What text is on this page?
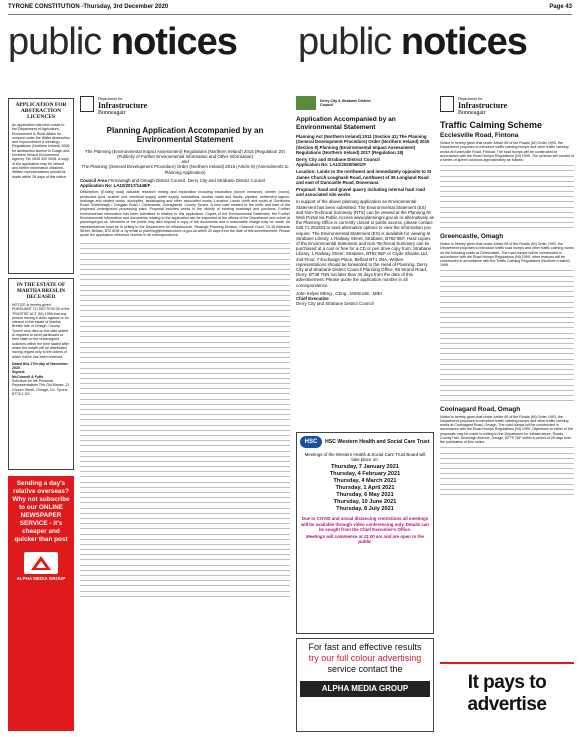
TYRONE CONSTITUTION -Thursday, 3rd December 2020	Page 43
public notices	public notices
APPLICATION FOR ABSTRACTION LICENCES
An application has been made to the Department of Agriculture, Environment & Rural Affairs for consent under the Water Abstraction and Impoundment (Licensing) Regulations (Northern Ireland) 2006 for abstraction licence in Coagh and Northern Ireland Environment Agency. Tel: 0845 302 0008. A copy of the application may be viewed and further information obtained. Written representations should be made within 28 days of this notice.
IN THE ESTATE OF MARTHA BRESLIN DECEASED
NOTICE is hereby given PURSUANT TO SECTION 28 of the TRUSTEE ACT (NI) 1958 that any person having a claim against or an interest in the estate of Martha Breslin late of Omagh, County Tyrone who died on the date stated is required to send particulars of their claim to the undersigned solicitors within the time stated after which the estate will be distributed having regard only to the claims of which notice has been received.
Dated this 27th day of November 2020
Signed:
McConnell & Fyffe
Solicitors for the Personal Representatives The Old Manse, 21 Church Street, Omagh, Co. Tyrone, BT78 1 DG
Sending a day's relative overseas? Why not subscribe to our ONLINE NEWSPAPER SERVICE - it's cheaper and quicker than post
ALPHA MEDIA GROUP
Department for
Infrastructure
Bonneagair
Planning Application Accompanied by an Environmental Statement
The Planning (Environmental Impact Assessment) Regulations (Northern Ireland) 2015 (Regulation 20)
(Publicity of Further Environmental Information and Other Information)
and
The Planning (General Development Procedure) Order (Northern Ireland) 2015 (Article 8) (Amendments to Planning Application)
Council Area Fermanagh and Omagh District Council, Derry City and Strabane District Council
Application No: LA10/2017/1448/F
Description: (Ending road) valuable research mining and exploration including excavation (tunnel entrance), shelter (room), productive gold, crusher unit, electrical supply, water supply, substations, access roads and tracks, pipeline, settlement lagoon, drainage and related works, stockpiles, landscaping and other associated works. Location: Lands north and south of Gortinclea Road, Sheskinagh / Creggan Road / Cavanacaw, Curraghinalt, County Tyrone. A new road created to the north and east of the proposed underground processing plant. Proposal includes works in the vicinity of existing roadways and junctions. Further environmental information has been submitted in relation to this application. Copies of the Environmental Statement, the Further Environmental Information and documents relating to the application can be inspected at the offices of the Department and online at planningni.gov.uk. Members of the public may also request a copy of the documents and a reasonable charge may be made. All representations must be in writing to the Department for Infrastructure, Strategic Planning Division, Clarence Court, 10-18 Adelaide Street, Belfast, BT2 8GB or by email to planning@infrastructure-ni.gov.uk within 30 days from the date of this advertisement. Please quote the application reference number in all correspondence.
Derry City & Strabane District Council
Application Accompanied by an Environmental Statement
Planning Act (Northern Ireland) 2011 (Section 41) The Planning (General Development Procedure) Order (Northern Ireland) 2015 (Section 8) Planning (Environmental Impact Assessment) Regulations (Northern Ireland) 2017 (Regulation 18)
Derry City and Strabane District Council
Application No: LA11/2020/0601/F
Location: Lands to the northwest and immediately opposite to St James Church Loughash Road, northwest of 36 Longland Road and east of Duncastle Road, Donemana
Proposal: Sand and gravel quarry including internal haul road and associated site works
In support of the above planning application an Environmental Statement has been submitted. The Environmental Statement (ES) and Non-Technical Summary (NTS) can be viewed at the Planning NI Web Portal via Public Access www.planningni.gov.uk or alternatively as the Planning Office is currently closed to public access, please contact 028 71 253253 to seek alternative options to view the information you require. The Environmental Statement (ES) is available for viewing at Strabane Library, 1 Railway Street, Strabane, BT82 8EF. Hard copies of the Environmental Statement and Non-Technical Summary can be purchased at a cost or free for a CD or pen drive copy from: Strabane Library, 1 Railway Street, Strabane, BT82 8EF or Clyde Shanks Ltd, 2nd Floor, 7 Exchange Place, Belfast BT1 2NA. Written representations should be forwarded to the Head of Planning, Derry City and Strabane District Council Planning Office, 98 Strand Road, Derry, BT48 7NN not later than 30 days from the date of this advertisement. Please quote the application number in all correspondence.
John Kelpie MEng., CEng., MIStructE., MIEI
Chief Executive
Derry City and Strabane District Council
HSC	HSC Western Health and Social Care Trust
Meetings of the Western Health & Social Care Trust Board will take place on:
Thursday, 7 January 2021
Thursday, 4 February 2021
Thursday, 4 March 2021
Thursday, 1 April 2021
Thursday, 6 May 2021
Thursday, 10 June 2021
Thursday, 8 July 2021
Due to COVID and social distancing restrictions all meetings will be available through video conferencing only. Details can be sought from the Chief Executive's Office.
Meetings will commence at 11:00 am and are open to the public
For fast and effective results
try our full colour advertising
service contact the
ALPHA MEDIA GROUP
Department for
Infrastructure
Bonneagair
Traffic Calming Scheme
Ecclesville Road, Fintona
Notice is hereby given that under Article 65 of the Roads (NI) Order 1993, the Department proposes to introduce traffic calming humps and other traffic calming works at Ecclesville Road, Fintona. The road humps will be constructed in accordance with the Road Humps Regulations (NI) 1999. The scheme will consist of a series of speed cushions approximately as follows:
Greencastle, Omagh
Notice is hereby given that under Article 65 of the Roads (NI) Order 1993, the Department proposes to introduce traffic road humps and other traffic calming works on the following roads at Greencastle. The road humps will be constructed in accordance with the Road Humps Regulations (NI) 1999, other features will be constructed in accordance with the Traffic Calming Regulations (Northern Ireland) 1999.
Coolnagard Road, Omagh
Notice is hereby given that under Article 65 of the Roads (NI) Order 1993, the Department proposes to introduce traffic calming humps and other traffic calming works at Coolnagard Road, Omagh. The road humps will be constructed in accordance with the Road Humps Regulations (NI) 1999. Objections to either of the proposals may be made in writing to the Department for Infrastructure, Roads, County Hall, Drumragh Avenue, Omagh, BT79 7AF within a period of 28 days from the publication of this notice.
It pays to
advertise
